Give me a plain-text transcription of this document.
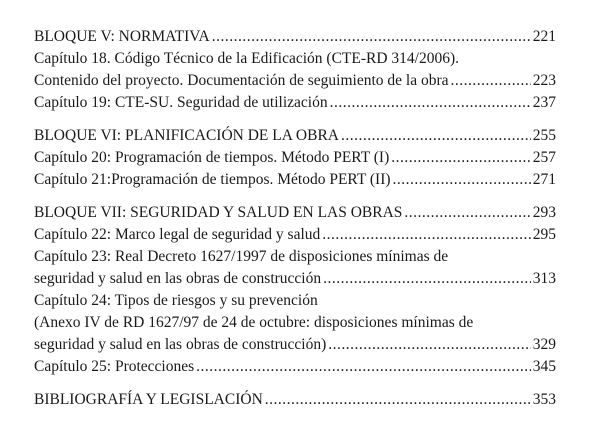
BLOQUE V: NORMATIVA .....	221
Capítulo 18. Código Técnico de la Edificación (CTE-RD 314/2006).
Contenido del proyecto. Documentación de seguimiento de la obra .....	223
Capítulo 19: CTE-SU. Seguridad de utilización .....	237
BLOQUE VI: PLANIFICACIÓN DE LA OBRA .....	255
Capítulo 20: Programación de tiempos. Método PERT (I) .....	257
Capítulo 21:Programación de tiempos. Método PERT (II) .....	271
BLOQUE VII: SEGURIDAD Y SALUD EN LAS OBRAS .....	293
Capítulo 22: Marco legal de seguridad y salud .....	295
Capítulo 23: Real Decreto 1627/1997 de disposiciones mínimas de
seguridad y salud en las obras de construcción .....	313
Capítulo 24: Tipos de riesgos y su prevención
(Anexo IV de RD 1627/97 de 24 de octubre: disposiciones mínimas de
seguridad y salud en las obras de construcción) .....	329
Capítulo 25: Protecciones .....	345
BIBLIOGRAFÍA Y LEGISLACIÓN .....	353
